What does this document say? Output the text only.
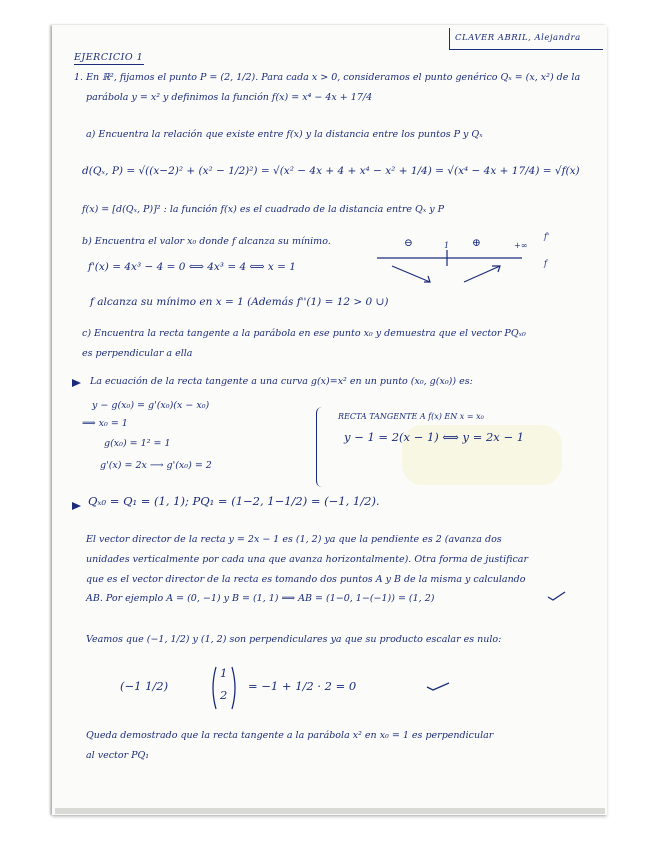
CLAVER ABRIL, Alejandra
EJERCICIO 1
1. En ℝ², fijamos el punto P = (2, 1/2). Para cada x > 0, consideramos el punto genérico Qₓ = (x, x²) de la
parábola y = x² y definimos la función f(x) = x⁴ − 4x + 17/4
a) Encuentra la relación que existe entre f(x) y la distancia entre los puntos P y Qₓ
d(Qₓ, P) = √((x−2)² + (x² − 1/2)²) = √(x² − 4x + 4 + x⁴ − x² + 1/4) = √(x⁴ − 4x + 17/4) = √f(x)
f(x) = [d(Qₓ, P)]² : la función f(x) es el cuadrado de la distancia entre Qₓ y P
b) Encuentra el valor x₀ donde f alcanza su mínimo.
f'(x) = 4x³ − 4 = 0 ⟺ 4x³ = 4 ⟺ x = 1
⊖	1 ⊕	+∞
f'
f
f alcanza su mínimo en x = 1 (Además f''(1) = 12 > 0 ∪)
c) Encuentra la recta tangente a la parábola en ese punto x₀ y demuestra que el vector PQₓ₀
es perpendicular a ella
La ecuación de la recta tangente a una curva g(x)=x² en un punto (x₀, g(x₀)) es:
y − g(x₀) = g'(x₀)(x − x₀)
⟹ x₀ = 1
g(x₀) = 1² = 1
g'(x) = 2x ⟶ g'(x₀) = 2
RECTA TANGENTE A f(x) EN x = x₀
y − 1 = 2(x − 1) ⟺ y = 2x − 1
Qₓ₀ = Q₁ = (1, 1); PQ₁ = (1−2, 1−1/2) = (−1, 1/2).
El vector director de la recta y = 2x − 1 es (1, 2) ya que la pendiente es 2 (avanza dos
unidades verticalmente por cada una que avanza horizontalmente). Otra forma de justificar
que es el vector director de la recta es tomando dos puntos A y B de la misma y calculando
AB. Por ejemplo A = (0, −1) y B = (1, 1) ⟹ AB = (1−0, 1−(−1)) = (1, 2)
Veamos que (−1, 1/2) y (1, 2) son perpendiculares ya que su producto escalar es nulo:
(−1 1/2)
1
2
= −1 + 1/2 · 2 = 0
Queda demostrado que la recta tangente a la parábola x² en x₀ = 1 es perpendicular
al vector PQ₁
